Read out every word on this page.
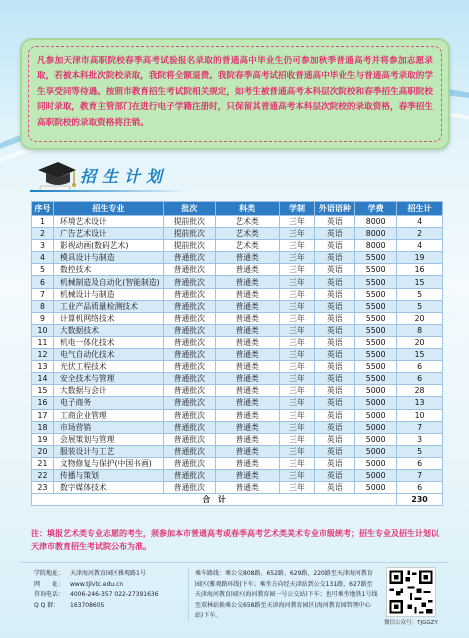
凡参加天津市高职院校春季高考试验报名录取的普通高中毕业生仍可参加秋季普通高考并将参加志愿录取，若被本科批次院校录取，我院将全额退费。我院春季高考试招收普通高中毕业生与普通高考录取的学生享受同等待遇。按照市教育招生考试院相关规定，如考生被普通高考本科层次院校和春季招生高职院校同时录取，教育主管部门在进行电子学籍注册时，只保留其普通高考本科层次院校的录取资格，春季招生高职院校的录取资格将注销。
招生计划
序号	招生专业	批次	科类	学制	外语语种	学费	招生计
1	环境艺术设计	提前批次	艺术类	三年	英语	8000	4
2	广告艺术设计	提前批次	艺术类	三年	英语	8000	2
3	影视动画(数码艺术)	提前批次	艺术类	三年	英语	8000	4
4	模具设计与制造	普通批次	普通类	三年	英语	5500	19
5	数控技术	普通批次	普通类	三年	英语	5500	16
6	机械制造及自动化(智能制造)	普通批次	普通类	三年	英语	5500	15
7	机械设计与制造	普通批次	普通类	三年	英语	5500	5
8	工业产品质量检测技术	普通批次	普通类	三年	英语	5500	5
9	计算机网络技术	普通批次	普通类	三年	英语	5500	20
10	大数据技术	普通批次	普通类	三年	英语	5500	8
11	机电一体化技术	普通批次	普通类	三年	英语	5500	20
12	电气自动化技术	普通批次	普通类	三年	英语	5500	15
13	光伏工程技术	普通批次	普通类	三年	英语	5500	6
14	安全技术与管理	普通批次	普通类	三年	英语	5500	6
15	大数据与会计	普通批次	普通类	三年	英语	5000	28
16	电子商务	普通批次	普通类	三年	英语	5000	13
17	工商企业管理	普通批次	普通类	三年	英语	5000	10
18	市场营销	普通批次	普通类	三年	英语	5000	7
19	会展策划与管理	普通批次	普通类	三年	英语	5000	3
20	服装设计与工艺	普通批次	普通类	三年	英语	5000	5
21	文物修复与保护(中国书画)	普通批次	普通类	三年	英语	5000	6
22	传播与策划	普通批次	普通类	三年	英语	5000	7
23	数字媒体技术	普通批次	普通类	三年	英语	5000	6
合　计							230
注：填报艺术类专业志愿的考生，须参加本市普通高考或春季高考艺术类美术专业市级统考；招生专业及招生计划以天津市教育招生考试院公布为准。
学院地址： 天津海河教育园区雅观路1号
网　　址： www.tjlvtc.edu.cn
咨询电话： 4006-246-357 022-27391636
Q Q 群： 163708605
乘车路线：乘公交808路、652路、629路、220路至天津海河教育园区(雅观路环线)下车；乘坐方向经天津站到公交131路、627路至天津海河教育园区(海河教育园一号公交站)下车；也可乘坐地铁1号线至双林站换乘公交658路至天津海河教育园区(海河教育园管理中心站)下车。
微信公众号：TJGGZY
